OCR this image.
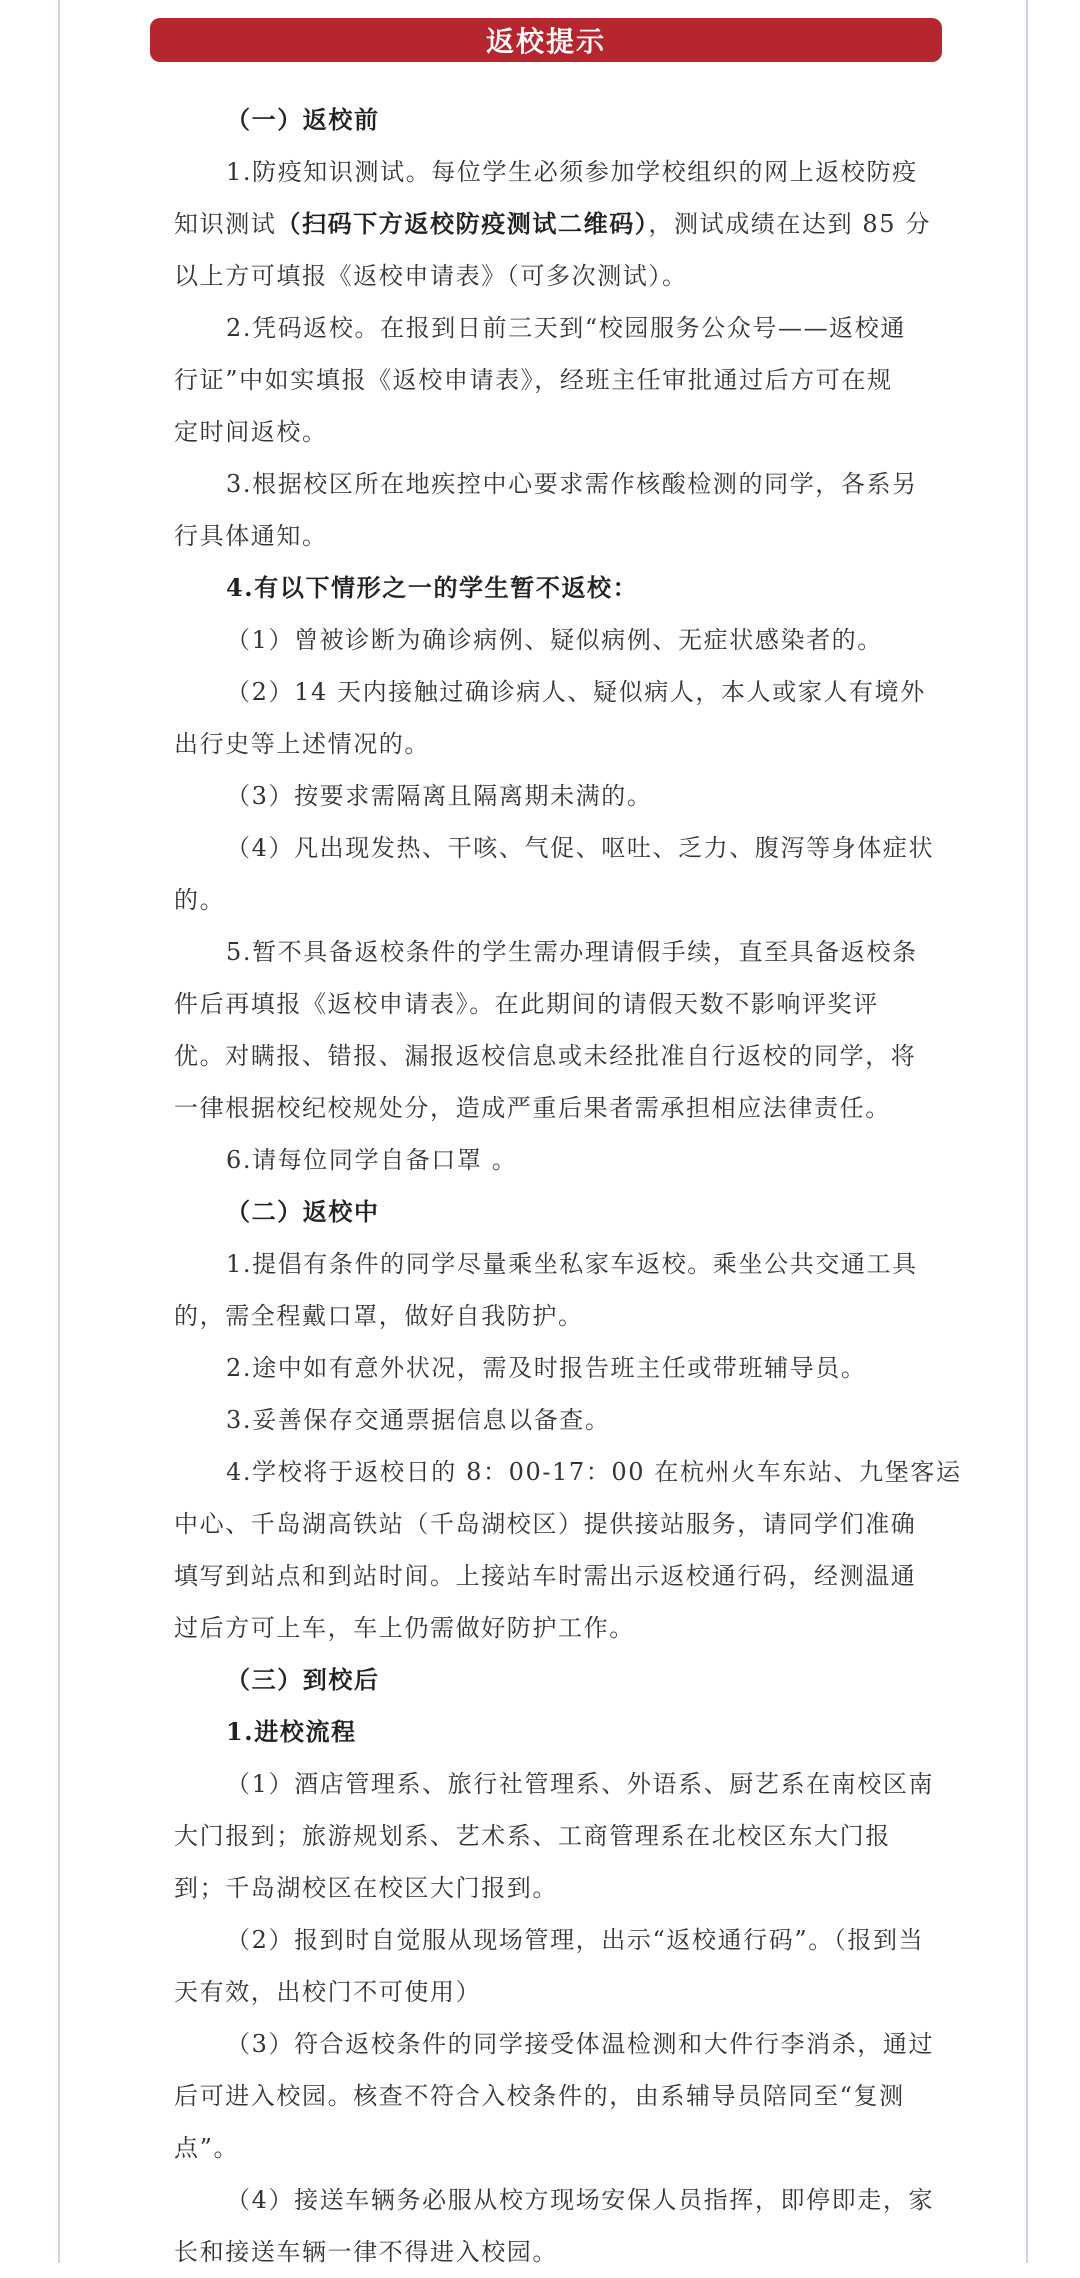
返校提示
（一）返校前
1.防疫知识测试。每位学生必须参加学校组织的网上返校防疫
知识测试（扫码下方返校防疫测试二维码），测试成绩在达到 85 分
以上方可填报《返校申请表》（可多次测试）。
2.凭码返校。在报到日前三天到“校园服务公众号——返校通
行证”中如实填报《返校申请表》，经班主任审批通过后方可在规
定时间返校。
3.根据校区所在地疾控中心要求需作核酸检测的同学，各系另
行具体通知。
4.有以下情形之一的学生暂不返校：
（1）曾被诊断为确诊病例、疑似病例、无症状感染者的。
（2）14 天内接触过确诊病人、疑似病人，本人或家人有境外
出行史等上述情况的。
（3）按要求需隔离且隔离期未满的。
（4）凡出现发热、干咳、气促、呕吐、乏力、腹泻等身体症状
的。
5.暂不具备返校条件的学生需办理请假手续，直至具备返校条
件后再填报《返校申请表》。在此期间的请假天数不影响评奖评
优。对瞒报、错报、漏报返校信息或未经批准自行返校的同学，将
一律根据校纪校规处分，造成严重后果者需承担相应法律责任。
6.请每位同学自备口罩 。
（二）返校中
1.提倡有条件的同学尽量乘坐私家车返校。乘坐公共交通工具
的，需全程戴口罩，做好自我防护。
2.途中如有意外状况，需及时报告班主任或带班辅导员。
3.妥善保存交通票据信息以备查。
4.学校将于返校日的 8：00-17：00 在杭州火车东站、九堡客运
中心、千岛湖高铁站（千岛湖校区）提供接站服务，请同学们准确
填写到站点和到站时间。上接站车时需出示返校通行码，经测温通
过后方可上车，车上仍需做好防护工作。
（三）到校后
1.进校流程
（1）酒店管理系、旅行社管理系、外语系、厨艺系在南校区南
大门报到；旅游规划系、艺术系、工商管理系在北校区东大门报
到；千岛湖校区在校区大门报到。
（2）报到时自觉服从现场管理，出示“返校通行码”。（报到当
天有效，出校门不可使用）
（3）符合返校条件的同学接受体温检测和大件行李消杀，通过
后可进入校园。核查不符合入校条件的，由系辅导员陪同至“复测
点”。
（4）接送车辆务必服从校方现场安保人员指挥，即停即走，家
长和接送车辆一律不得进入校园。
